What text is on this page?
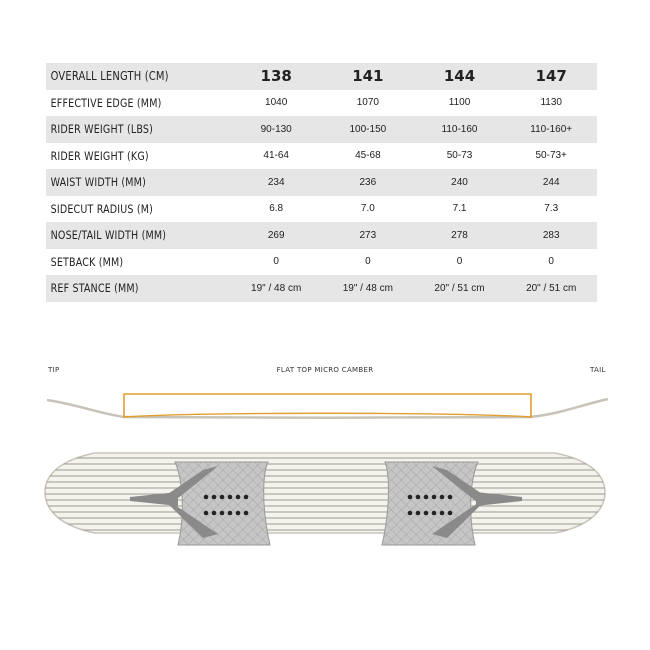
OVERALL LENGTH (CM)	138	141	144	147
EFFECTIVE EDGE (MM)	1040	1070	1100	1130
RIDER WEIGHT (LBS)	90-130	100-150	110-160	110-160+
RIDER WEIGHT (KG)	41-64	45-68	50-73	50-73+
WAIST WIDTH (MM)	234	236	240	244
SIDECUT RADIUS (M)	6.8	7.0	7.1	7.3
NOSE/TAIL WIDTH (MM)	269	273	278	283
SETBACK (MM)	0	0	0	0
REF STANCE (MM)	19" / 48 cm	19" / 48 cm	20" / 51 cm	20" / 51 cm
TIP	FLAT TOP MICRO CAMBER	TAIL
